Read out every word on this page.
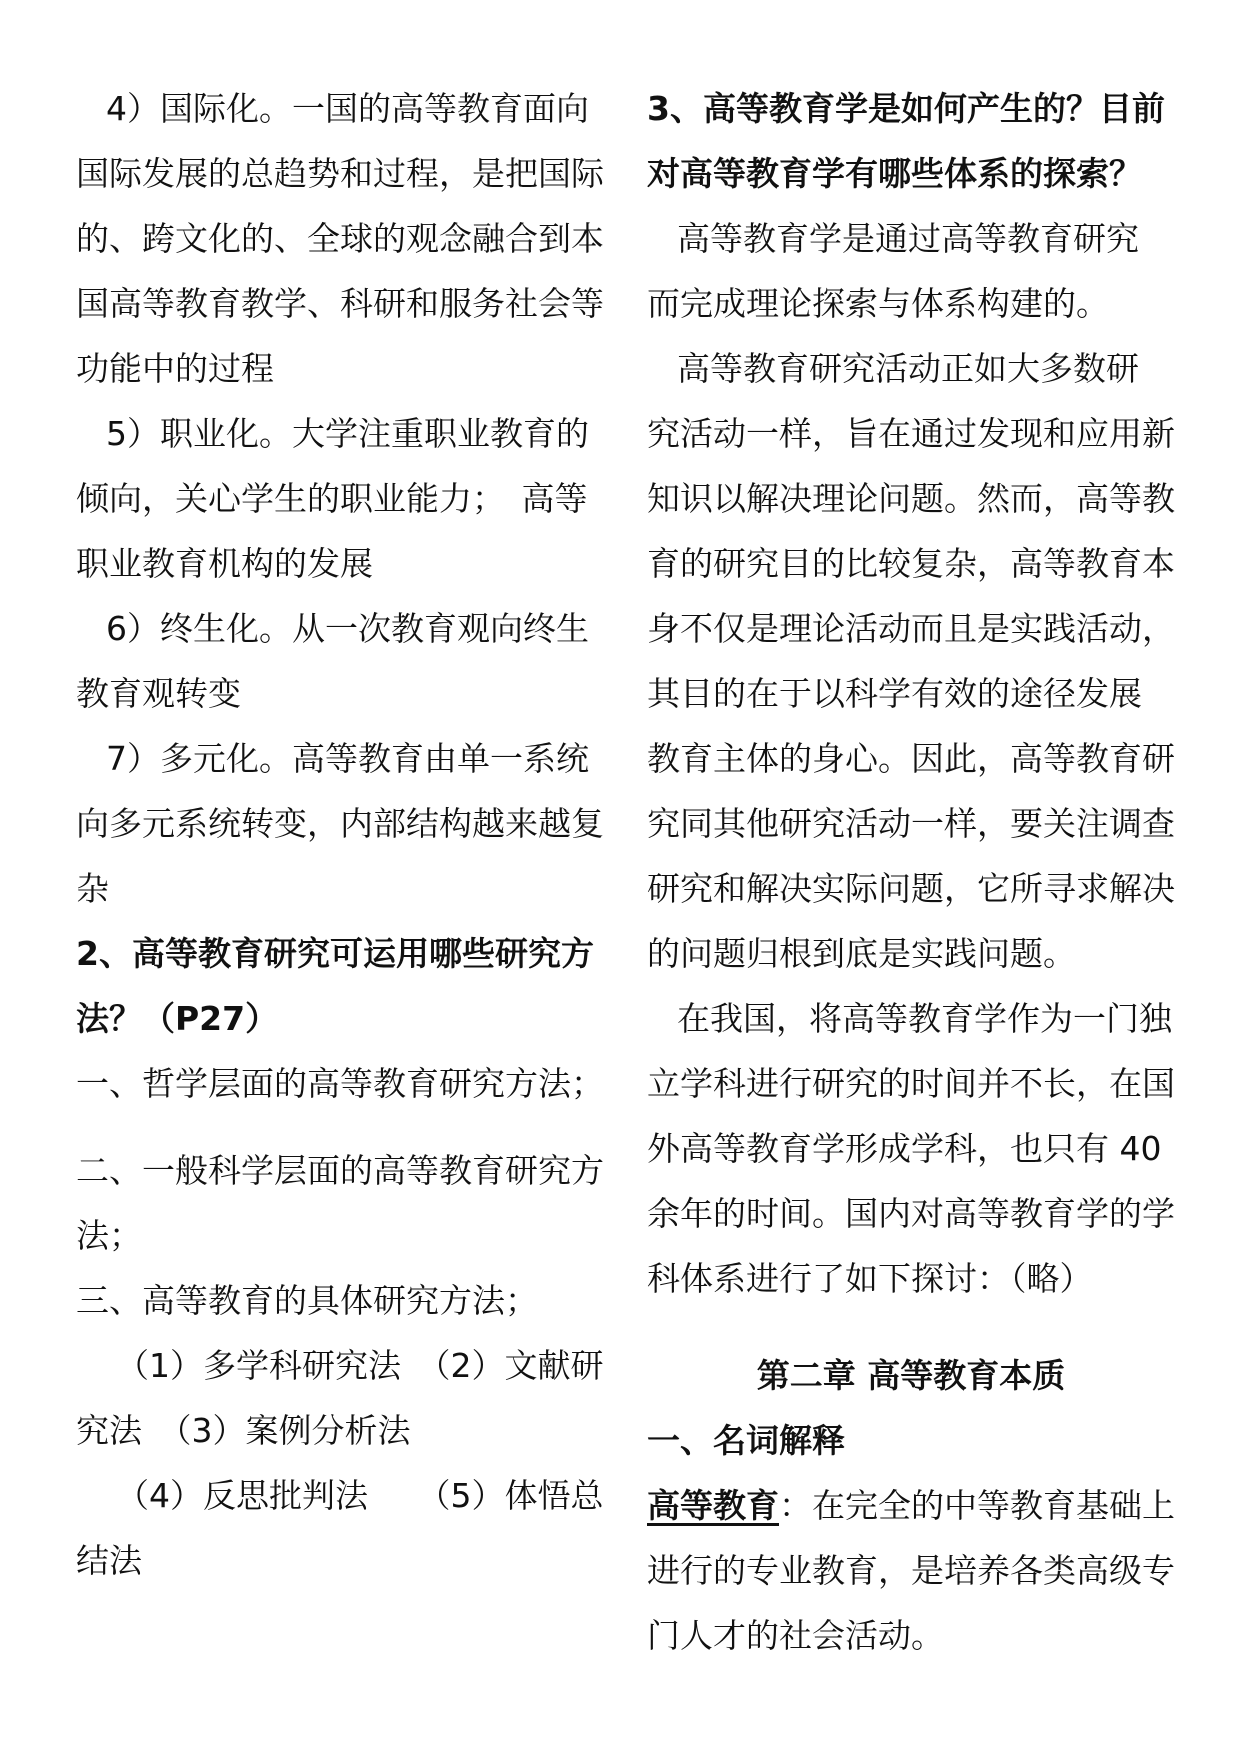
4）国际化。一国的高等教育面向
国际发展的总趋势和过程，是把国际
的、跨文化的、全球的观念融合到本
国高等教育教学、科研和服务社会等
功能中的过程
5）职业化。大学注重职业教育的
倾向，关心学生的职业能力；　高等
职业教育机构的发展
6）终生化。从一次教育观向终生
教育观转变
7）多元化。高等教育由单一系统
向多元系统转变，内部结构越来越复
杂
2、高等教育研究可运用哪些研究方
法？（P27）
一、哲学层面的高等教育研究方法；
二、一般科学层面的高等教育研究方
法；
三、高等教育的具体研究方法；
（1）多学科研究法　（2）文献研
究法　（3）案例分析法
（4）反思批判法　　（5）体悟总
结法
3、高等教育学是如何产生的？目前
对高等教育学有哪些体系的探索？
高等教育学是通过高等教育研究
而完成理论探索与体系构建的。
高等教育研究活动正如大多数研
究活动一样，旨在通过发现和应用新
知识以解决理论问题。然而，高等教
育的研究目的比较复杂，高等教育本
身不仅是理论活动而且是实践活动，
其目的在于以科学有效的途径发展
教育主体的身心。因此，高等教育研
究同其他研究活动一样，要关注调查
研究和解决实际问题，它所寻求解决
的问题归根到底是实践问题。
在我国，将高等教育学作为一门独
立学科进行研究的时间并不长，在国
外高等教育学形成学科，也只有 40
余年的时间。国内对高等教育学的学
科体系进行了如下探讨：（略）
第二章 高等教育本质
一、名词解释
高等教育：在完全的中等教育基础上
进行的专业教育，是培养各类高级专
门人才的社会活动。
